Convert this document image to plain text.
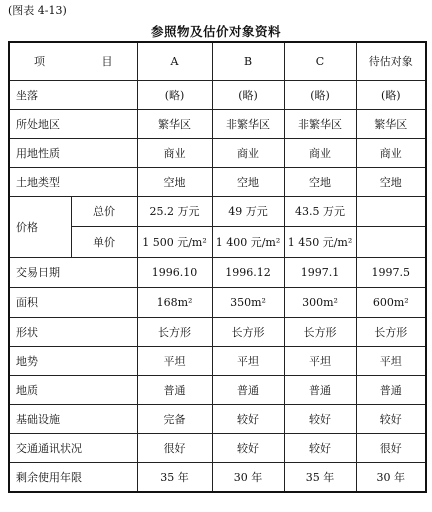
(图表 4-13)
参照物及估价对象资料
项 目		A	B	C	待估对象
坐落		(略)	(略)	(略)	(略)
所处地区		繁华区	非繁华区	非繁华区	繁华区
用地性质		商业	商业	商业	商业
土地类型		空地	空地	空地	空地
价格	总价	25.2 万元	49 万元	43.5 万元	
	单价	1 500 元/m²	1 400 元/m²	1 450 元/m²	
交易日期		1996.10	1996.12	1997.1	1997.5
面积		168m²	350m²	300m²	600m²
形状		长方形	长方形	长方形	长方形
地势		平坦	平坦	平坦	平坦
地质		普通	普通	普通	普通
基础设施		完备	较好	较好	较好
交通通讯状况		很好	较好	较好	很好
剩余使用年限		35 年	30 年	35 年	30 年
